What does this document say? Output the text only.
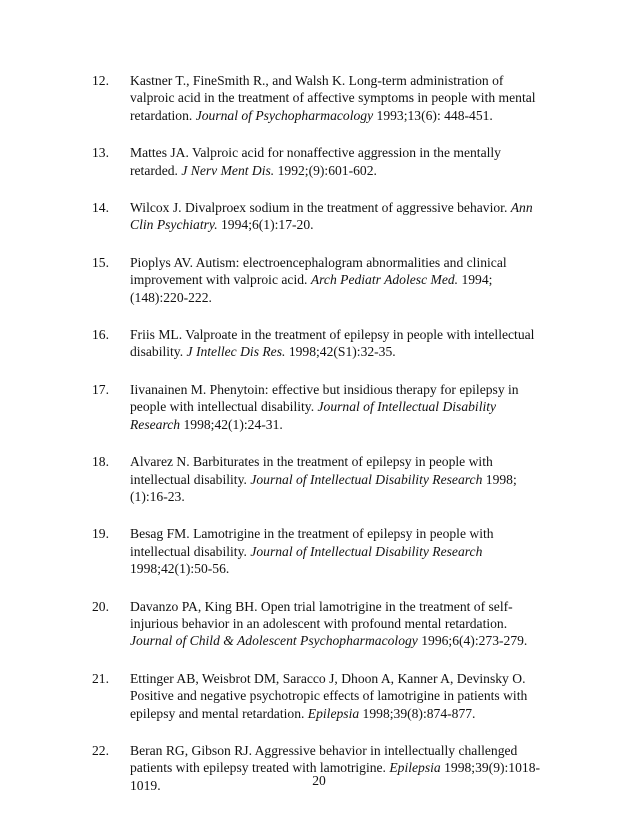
12.	Kastner T., FineSmith R., and Walsh K. Long-term administration of valproic acid in the treatment of affective symptoms in people with mental retardation. Journal of Psychopharmacology 1993;13(6): 448-451.
13.	Mattes JA. Valproic acid for nonaffective aggression in the mentally retarded. J Nerv Ment Dis. 1992;(9):601-602.
14.	Wilcox J. Divalproex sodium in the treatment of aggressive behavior. Ann Clin Psychiatry. 1994;6(1):17-20.
15.	Pioplys AV. Autism: electroencephalogram abnormalities and clinical improvement with valproic acid. Arch Pediatr Adolesc Med. 1994;(148):220-222.
16.	Friis ML. Valproate in the treatment of epilepsy in people with intellectual disability. J Intellec Dis Res. 1998;42(S1):32-35.
17.	Iivanainen M. Phenytoin: effective but insidious therapy for epilepsy in people with intellectual disability. Journal of Intellectual Disability Research 1998;42(1):24-31.
18.	Alvarez N. Barbiturates in the treatment of epilepsy in people with intellectual disability. Journal of Intellectual Disability Research 1998;(1):16-23.
19.	Besag FM. Lamotrigine in the treatment of epilepsy in people with intellectual disability. Journal of Intellectual Disability Research 1998;42(1):50-56.
20.	Davanzo PA, King BH. Open trial lamotrigine in the treatment of self-injurious behavior in an adolescent with profound mental retardation. Journal of Child & Adolescent Psychopharmacology 1996;6(4):273-279.
21.	Ettinger AB, Weisbrot DM, Saracco J, Dhoon A, Kanner A, Devinsky O. Positive and negative psychotropic effects of lamotrigine in patients with epilepsy and mental retardation. Epilepsia 1998;39(8):874-877.
22.	Beran RG, Gibson RJ. Aggressive behavior in intellectually challenged patients with epilepsy treated with lamotrigine. Epilepsia 1998;39(9):1018-1019.	20
